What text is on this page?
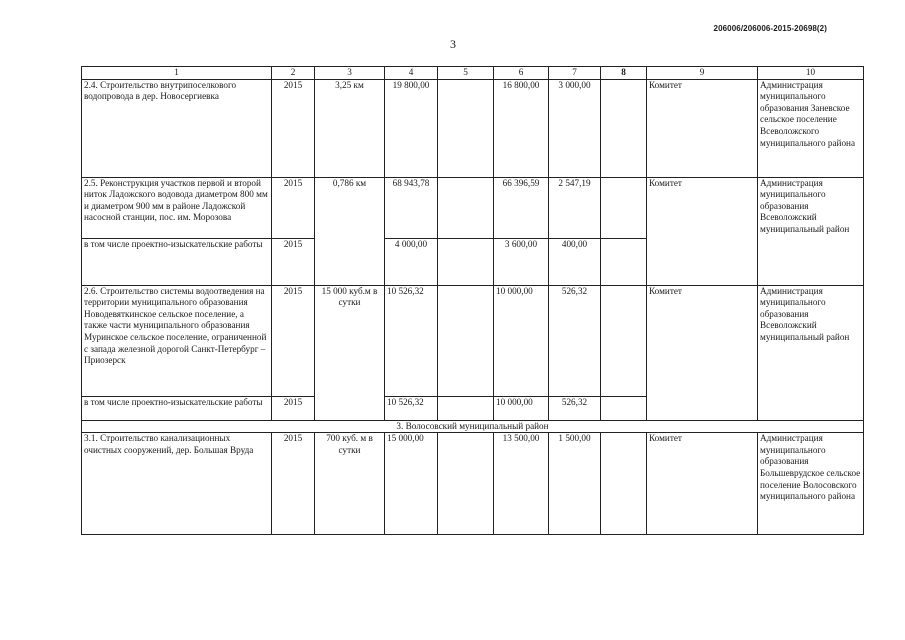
206006/206006-2015-20698(2)
3
1	2	3	4	5	6	7	8	9	10
2.4. Строительство внутрипоселкового водопровода в дер. Новосергиевка	2015	3,25 км	19 800,00		16 800,00	3 000,00		Комитет	Администрация муниципального образования Заневское сельское поселение Всеволожского муниципального района
2.5. Реконструкция участков первой и второй ниток Ладожского водовода диаметром 800 мм и диаметром 900 мм в районе Ладожской насосной станции, пос. им. Морозова	2015	0,786 км	68 943,78		66 396,59	2 547,19		Комитет	Администрация муниципального образования Всеволожский муниципальный район
в том числе проектно-изыскательские работы	2015		4 000,00		3 600,00	400,00			
2.6. Строительство системы водоотведения на территории муниципального образования Новодевяткинское сельское поселение, а также части муниципального образования Муринское сельское поселение, ограниченной с запада железной дорогой Санкт-Петербург – Приозерск	2015	15 000 куб.м в сутки	10 526,32		10 000,00	526,32		Комитет	Администрация муниципального образования Всеволожский муниципальный район
в том числе проектно-изыскательские работы	2015		10 526,32		10 000,00	526,32			
3. Волосовский муниципальный район									
3.1. Строительство канализационных очистных сооружений, дер. Большая Вруда	2015	700 куб. м в сутки	15 000,00		13 500,00	1 500,00		Комитет	Администрация муниципального образования Большеврудское сельское поселение Волосовского муниципального района
